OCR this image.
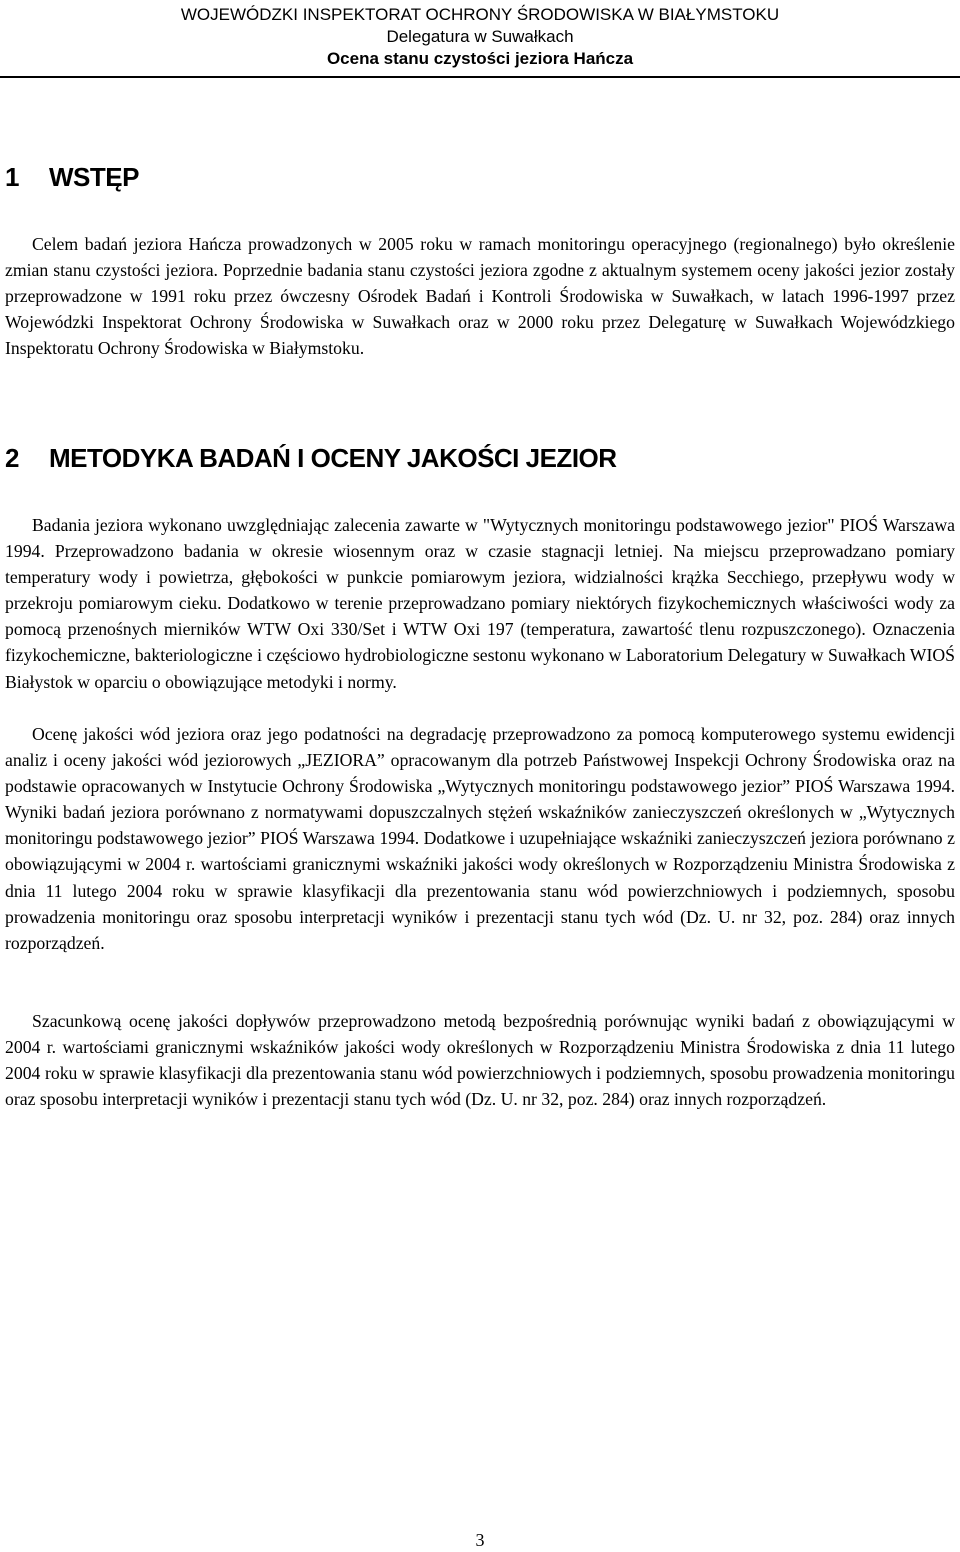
WOJEWÓDZKI INSPEKTORAT OCHRONY ŚRODOWISKA W BIAŁYMSTOKU
Delegatura w Suwałkach
Ocena stanu czystości jeziora Hańcza
1 WSTĘP

Celem badań jeziora Hańcza prowadzonych w 2005 roku w ramach monitoringu operacyjnego (regionalnego) było określenie zmian stanu czystości jeziora. Poprzednie badania stanu czystości jeziora zgodne z aktualnym systemem oceny jakości jezior zostały przeprowadzone w 1991 roku przez ówczesny Ośrodek Badań i Kontroli Środowiska w Suwałkach, w latach 1996-1997 przez Wojewódzki Inspektorat Ochrony Środowiska w Suwałkach oraz w 2000 roku przez Delegaturę w Suwałkach Wojewódzkiego Inspektoratu Ochrony Środowiska w Białymstoku.

2 METODYKA BADAŃ I OCENY JAKOŚCI JEZIOR

Badania jeziora wykonano uwzględniając zalecenia zawarte w "Wytycznych monitoringu podstawowego jezior" PIOŚ Warszawa 1994. Przeprowadzono badania w okresie wiosennym oraz w czasie stagnacji letniej. Na miejscu przeprowadzano pomiary temperatury wody i powietrza, głębokości w punkcie pomiarowym jeziora, widzialności krążka Secchiego, przepływu wody w przekroju pomiarowym cieku. Dodatkowo w terenie przeprowadzano pomiary niektórych fizykochemicznych właściwości wody za pomocą przenośnych mierników WTW Oxi 330/Set i WTW Oxi 197 (temperatura, zawartość tlenu rozpuszczonego). Oznaczenia fizykochemiczne, bakteriologiczne i częściowo hydrobiologiczne sestonu wykonano w Laboratorium Delegatury w Suwałkach WIOŚ Białystok w oparciu o obowiązujące metodyki i normy.

Ocenę jakości wód jeziora oraz jego podatności na degradację przeprowadzono za pomocą komputerowego systemu ewidencji analiz i oceny jakości wód jeziorowych „JEZIORA” opracowanym dla potrzeb Państwowej Inspekcji Ochrony Środowiska oraz na podstawie opracowanych w Instytucie Ochrony Środowiska „Wytycznych monitoringu podstawowego jezior” PIOŚ Warszawa 1994. Wyniki badań jeziora porównano z normatywami dopuszczalnych stężeń wskaźników zanieczyszczeń określonych w „Wytycznych monitoringu podstawowego jezior” PIOŚ Warszawa 1994. Dodatkowe i uzupełniające wskaźniki zanieczyszczeń jeziora porównano z obowiązującymi w 2004 r. wartościami granicznymi wskaźniki jakości wody określonych w Rozporządzeniu Ministra Środowiska z dnia 11 lutego 2004 roku w sprawie klasyfikacji dla prezentowania stanu wód powierzchniowych i podziemnych, sposobu prowadzenia monitoringu oraz sposobu interpretacji wyników i prezentacji stanu tych wód (Dz. U. nr 32, poz. 284) oraz innych rozporządzeń.

Szacunkową ocenę jakości dopływów przeprowadzono metodą bezpośrednią porównując wyniki badań z obowiązującymi w 2004 r. wartościami granicznymi wskaźników jakości wody określonych w Rozporządzeniu Ministra Środowiska z dnia 11 lutego 2004 roku w sprawie klasyfikacji dla prezentowania stanu wód powierzchniowych i podziemnych, sposobu prowadzenia monitoringu oraz sposobu interpretacji wyników i prezentacji stanu tych wód (Dz. U. nr 32, poz. 284) oraz innych rozporządzeń.

3
